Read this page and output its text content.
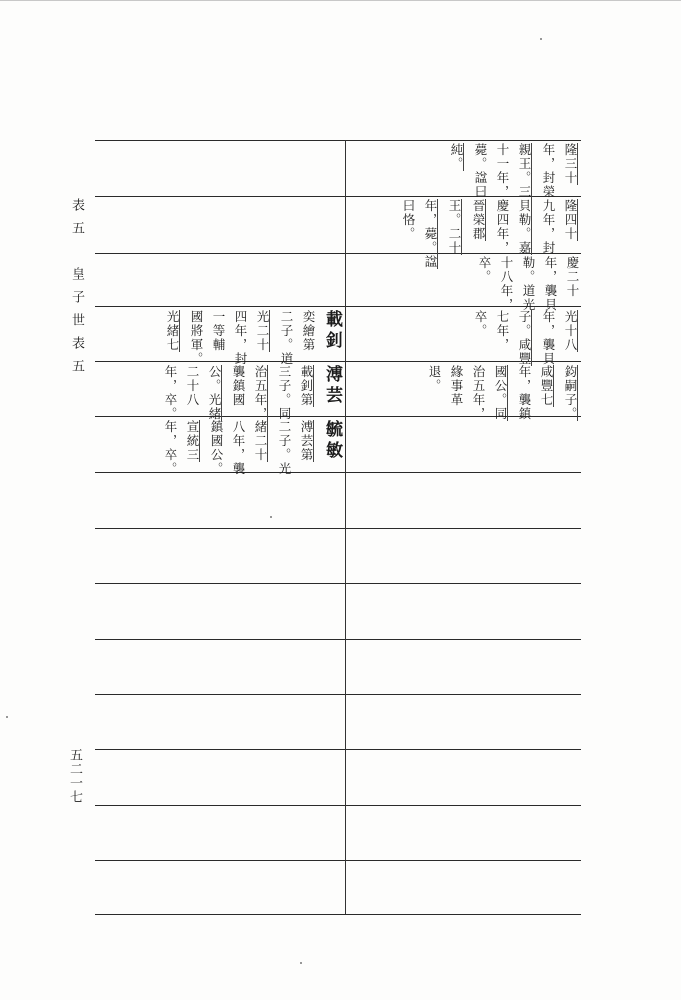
表五　皇子世表五
五二一七
隆三十
年，封榮
親王。三
十一年，
薨。諡曰
純。
隆四十
九年，封
貝勒。嘉
慶四年，
晉榮郡
王。二十
年，薨。諡
曰恪。
慶二十
年，襲貝
勒。道光
十八年，
卒。
光十八
年，襲貝
子。咸豐
七年，
卒。
鈞嗣子。
咸豐七
年，襲鎮
國公。同
治五年，
緣事革
退。
載釗
奕繪第
二子。道
光二十
四年，封
一等輔
國將軍。
光緒七
溥芸
載釗第
三子。同
治五年，
襲鎮國
公。光緒
二十八
年，卒。
毓敏
溥芸第
二子。光
緒二十
八年，襲
鎮國公。
宣統三
年，卒。
